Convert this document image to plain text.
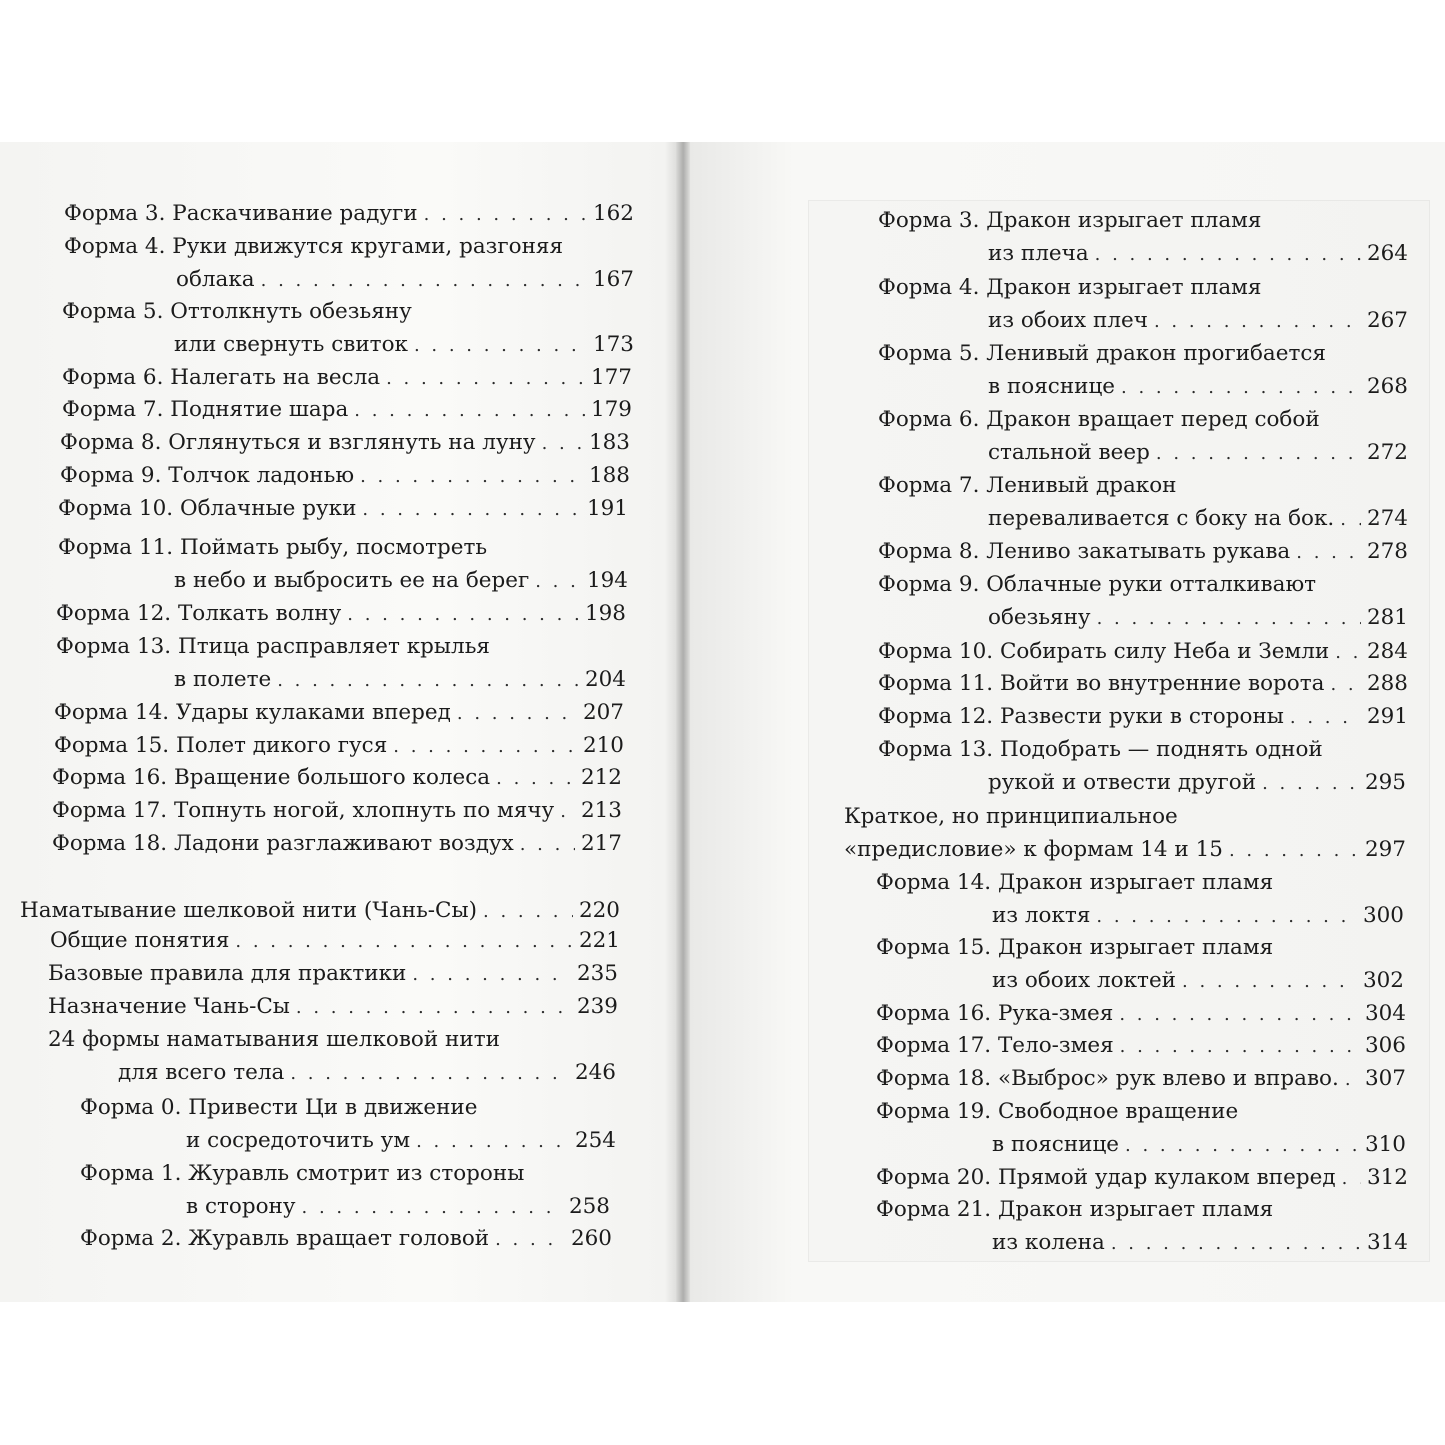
Форма 3. Раскачивание радуги . . .	162
Форма 4. Руки движутся кругами, разгоняя
облака . . .	167
Форма 5. Оттолкнуть обезьяну
или свернуть свиток . . .	173
Форма 6. Налегать на весла . . .	177
Форма 7. Поднятие шара . . .	179
Форма 8. Оглянуться и взглянуть на луну . . . 183
Форма 9. Толчок ладонью . . .	188
Форма 10. Облачные руки . . .	191
Форма 11. Поймать рыбу, посмотреть
в небо и выбросить ее на берег . . .	194
Форма 12. Толкать волну . . .	198
Форма 13. Птица расправляет крылья
в полете . . .	204
Форма 14. Удары кулаками вперед . . .	207
Форма 15. Полет дикого гуся . . .	210
Форма 16. Вращение большого колеса . . .	212
Форма 17. Топнуть ногой, хлопнуть по мячу . . . 213
Форма 18. Ладони разглаживают воздух . . .	217
Наматывание шелковой нити (Чань-Сы) . . .	220
Общие понятия . . .	221
Базовые правила для практики . . .	235
Назначение Чань-Сы . . .	239
24 формы наматывания шелковой нити
для всего тела . . .	246
Форма 0. Привести Ци в движение
и сосредоточить ум . . .	254
Форма 1. Журавль смотрит из стороны
в сторону . . .	258
Форма 2. Журавль вращает головой . . .	260
Форма 3. Дракон изрыгает пламя
из плеча . . .	264
Форма 4. Дракон изрыгает пламя
из обоих плеч . . .	267
Форма 5. Ленивый дракон прогибается
в пояснице . . .	268
Форма 6. Дракон вращает перед собой
стальной веер . . .	272
Форма 7. Ленивый дракон
переваливается с боку на бок. . . . 274
Форма 8. Лениво закатывать рукава . . .	278
Форма 9. Облачные руки отталкивают
обезьяну . . .	281
Форма 10. Собирать силу Неба и Земли . . . 284
Форма 11. Войти во внутренние ворота . . . 288
Форма 12. Развести руки в стороны . . .	291
Форма 13. Подобрать — поднять одной
рукой и отвести другой . . .	295
Краткое, но принципиальное
«предисловие» к формам 14 и 15 . . .	297
Форма 14. Дракон изрыгает пламя
из локтя . . .	300
Форма 15. Дракон изрыгает пламя
из обоих локтей . . .	302
Форма 16. Рука-змея . . .	304
Форма 17. Тело-змея . . .	306
Форма 18. «Выброс» рук влево и вправо. . . . 307
Форма 19. Свободное вращение
в пояснице . . .	310
Форма 20. Прямой удар кулаком вперед . . . 312
Форма 21. Дракон изрыгает пламя
из колена . . .	314
